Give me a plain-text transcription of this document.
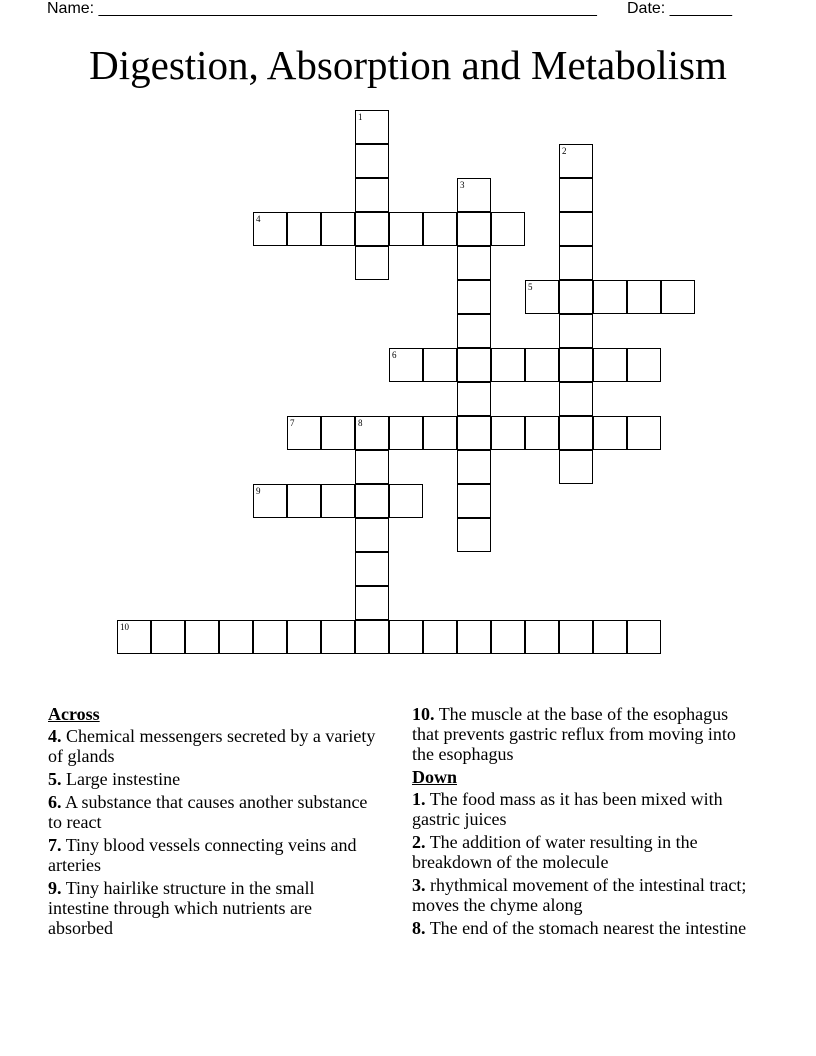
Name: ________________________________________________________ Date: _______
Digestion, Absorption and Metabolism
1
2
3
4
5
6
7	8
9
10
Across
4. Chemical messengers secreted by a variety of glands
5. Large instestine
6. A substance that causes another substance to react
7. Tiny blood vessels connecting veins and arteries
9. Tiny hairlike structure in the small intestine through which nutrients are absorbed
10. The muscle at the base of the esophagus that prevents gastric reflux from moving into the esophagus
Down
1. The food mass as it has been mixed with gastric juices
2. The addition of water resulting in the breakdown of the molecule
3. rhythmical movement of the intestinal tract; moves the chyme along
8. The end of the stomach nearest the intestine
